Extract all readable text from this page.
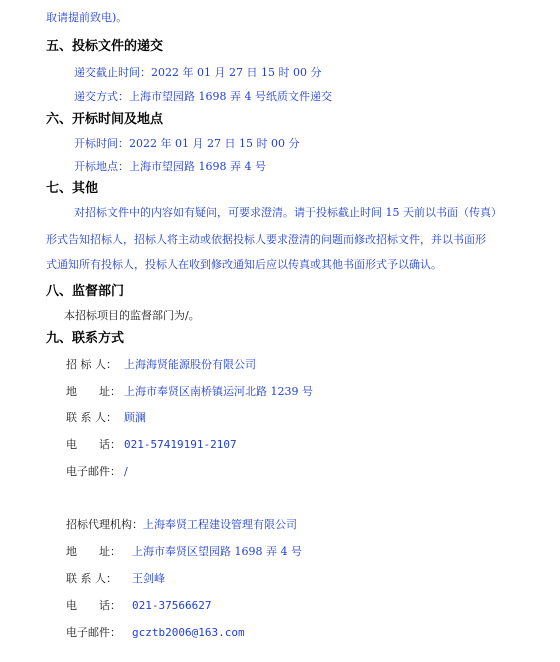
取请提前致电)。
五、投标文件的递交
递交截止时间：2022 年 01 月 27 日 15 时 00 分
递交方式：上海市望园路 1698 弄 4 号纸质文件递交
六、开标时间及地点
开标时间：2022 年 01 月 27 日 15 时 00 分
开标地点：上海市望园路 1698 弄 4 号
七、其他
对招标文件中的内容如有疑问，可要求澄清。请于投标截止时间 15 天前以书面（传真）
形式告知招标人，招标人将主动或依据投标人要求澄清的问题而修改招标文件，并以书面形
式通知所有投标人，投标人在收到修改通知后应以传真或其他书面形式予以确认。
八、监督部门
本招标项目的监督部门为/。
九、联系方式
招 标 人： 上海海贤能源股份有限公司
地　　址： 上海市奉贤区南桥镇运河北路 1239 号
联 系 人： 顾澜
电　　话： 021-57419191-2107
电子邮件： /
招标代理机构：上海奉贤工程建设管理有限公司
地　　址： 上海市奉贤区望园路 1698 弄 4 号
联 系 人： 王剑峰
电　　话： 021-37566627
电子邮件： gcztb2006@163.com
